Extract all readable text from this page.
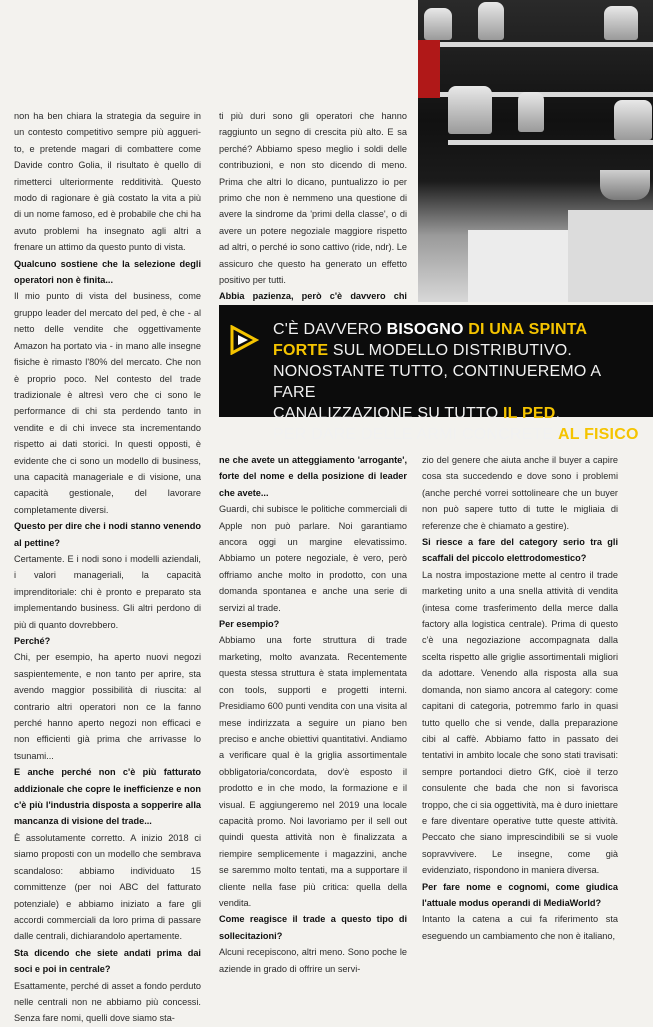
non ha ben chiara la strategia da seguire in un contesto competitivo sempre più aggueri-to, e pretende magari di combattere come Davide contro Golia, il risultato è quello di rimetterci ulteriormente redditività. Questo modo di ragionare è già costato la vita a più di un nome famoso, ed è probabile che chi ha avuto problemi ha insegnato agli altri a frenare un attimo da questo punto di vista.

Qualcuno sostiene che la selezione degli operatori non è finita...

Il mio punto di vista del business, come gruppo leader del mercato del ped, è che - al netto delle vendite che oggettivamente Amazon ha portato via - in mano alle insegne fisiche è rimasto l'80% del mercato. Che non è proprio poco. Nel contesto del trade tradizionale è altresì vero che ci sono le performance di chi sta perdendo tanto in vendite e di chi invece sta incrementando rispetto ai dati storici. In questi opposti, è evidente che ci sono un modello di business, una capacità manageriale e di visione, una capacità gestionale, del lavorare completamente diversi.

Questo per dire che i nodi stanno venendo al pettine?

Certamente. E i nodi sono i modelli aziendali, i valori manageriali, la capacità imprenditoriale: chi è pronto e preparato sta implementando business. Gli altri perdono di più di quanto dovrebbero.

Perché?

Chi, per esempio, ha aperto nuovi negozi saspientemente, e non tanto per aprire, sta avendo maggior possibilità di riuscita: al contrario altri operatori non ce la fanno perché hanno aperto negozi non efficaci e non efficienti già prima che arrivasse lo tsunami...

E anche perché non c'è più fatturato addizionale che copre le inefficienze e non c'è più l'industria disposta a sopperire alla mancanza di visione del trade...

È assolutamente corretto. A inizio 2018 ci siamo proposti con un modello che sembrava scandaloso: abbiamo individuato 15 committenze (per noi ABC del fatturato potenziale) e abbiamo iniziato a fare gli accordi commerciali da loro prima di passare dalle centrali, dichiarandolo apertamente.

Sta dicendo che siete andati prima dai soci e poi in centrale?

Esattamente, perché di asset a fondo perduto nelle centrali non ne abbiamo più concessi. Senza fare nomi, quelli dove siamo sta-

ti più duri sono gli operatori che hanno raggiunto un segno di crescita più alto. E sa perché? Abbiamo speso meglio i soldi delle contribuzioni, e non sto dicendo di meno. Prima che altri lo dicano, puntualizzo io per primo che non è nemmeno una questione di avere la sindrome da 'primi della classe', o di avere un potere negoziale maggiore rispetto ad altri, o perché io sono cattivo (ride, ndr). Le assicuro che questo ha generato un effetto positivo per tutti.

Abbia pazienza, però c'è davvero chi

C'È DAVVERO BISOGNO DI UNA SPINTA
FORTE SUL MODELLO DISTRIBUTIVO.
NONOSTANTE TUTTO, CONTINUEREMO A FARE
CANALIZZAZIONE SU TUTTO IL PED,
PER DARE DELLE ARMI CONCRETE AL FISICO

ne che avete un atteggiamento 'arrogante', forte del nome e della posizione di leader che avete...

Guardi, chi subisce le politiche commerciali di Apple non può parlare. Noi garantiamo ancora oggi un margine elevatissimo. Abbiamo un potere negoziale, è vero, però offriamo anche molto in prodotto, con una domanda spontanea e anche una serie di servizi al trade.

Per esempio?

Abbiamo una forte struttura di trade marketing, molto avanzata. Recentemente questa stessa struttura è stata implementata con tools, supporti e progetti interni. Presidiamo 600 punti vendita con una visita al mese indirizzata a seguire un piano ben preciso e anche obiettivi quantitativi. Andiamo a verificare qual è la griglia assortimentale obbligatoria/concordata, dov'è esposto il prodotto e in che modo, la formazione e il visual. E aggiungeremo nel 2019 una locale capacità promo. Noi lavoriamo per il sell out quindi questa attività non è finalizzata a riempire semplicemente i magazzini, anche se saremmo molto tentati, ma a supportare il cliente nella fase più critica: quella della vendita.

Come reagisce il trade a questo tipo di sollecitazioni?

Alcuni recepiscono, altri meno. Sono poche le aziende in grado di offrire un servi-

zio del genere che aiuta anche il buyer a capire cosa sta succedendo e dove sono i problemi (anche perché vorrei sottolineare che un buyer non può sapere tutto di tutte le migliaia di referenze che è chiamato a gestire).

Si riesce a fare del category serio tra gli scaffali del piccolo elettrodomestico?

La nostra impostazione mette al centro il trade marketing unito a una snella attività di vendita (intesa come trasferimento della merce dalla factory alla logistica centrale). Prima di questo c'è una negoziazione accompagnata dalla scelta rispetto alle griglie assortimentali migliori da adottare. Venendo alla risposta alla sua domanda, non siamo ancora al category: come capitani di categoria, potremmo farlo in quasi tutto quello che si vende, dalla preparazione cibi al caffè. Abbiamo fatto in passato dei tentativi in ambito locale che sono stati travisati: sempre portandoci dietro GfK, cioè il terzo consulente che bada che non si favorisca troppo, che ci sia oggettività, ma è duro iniettare e fare diventare operative tutte queste attività. Peccato che siano imprescindibili se si vuole sopravvivere. Le insegne, come già evidenziato, rispondono in maniera diversa.

Per fare nome e cognomi, come giudica l'attuale modus operandi di MediaWorld?

Intanto la catena a cui fa riferimento sta eseguendo un cambiamento che non è italiano,
